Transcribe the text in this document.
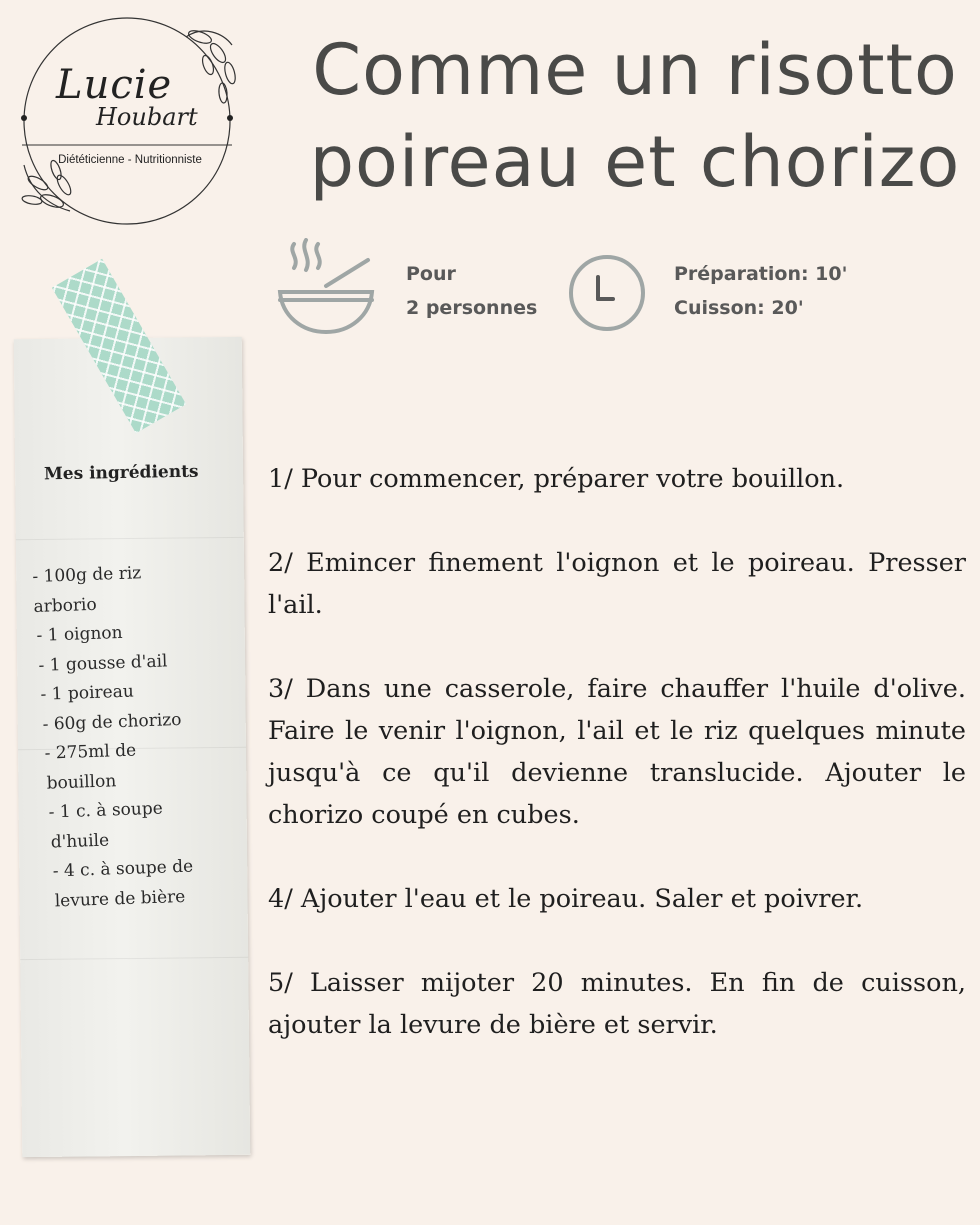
Lucie
Houbart
Diététicienne - Nutritionniste
Comme un risotto
poireau et chorizo
Pour
2 personnes
Préparation: 10'
Cuisson: 20'
Mes ingrédients
- 100g de riz
arborio
- 1 oignon
- 1 gousse d'ail
- 1 poireau
- 60g de chorizo
- 275ml de
bouillon
- 1 c. à soupe
d'huile
- 4 c. à soupe de
levure de bière

1/ Pour commencer, préparer votre bouillon.

2/ Emincer finement l'oignon et le poireau. Presser l'ail.

3/ Dans une casserole, faire chauffer l'huile d'olive. Faire le venir l'oignon, l'ail et le riz quelques minute jusqu'à ce qu'il devienne translucide. Ajouter le chorizo coupé en cubes.

4/ Ajouter l'eau et le poireau. Saler et poivrer.

5/ Laisser mijoter 20 minutes. En fin de cuisson, ajouter la levure de bière et servir.
